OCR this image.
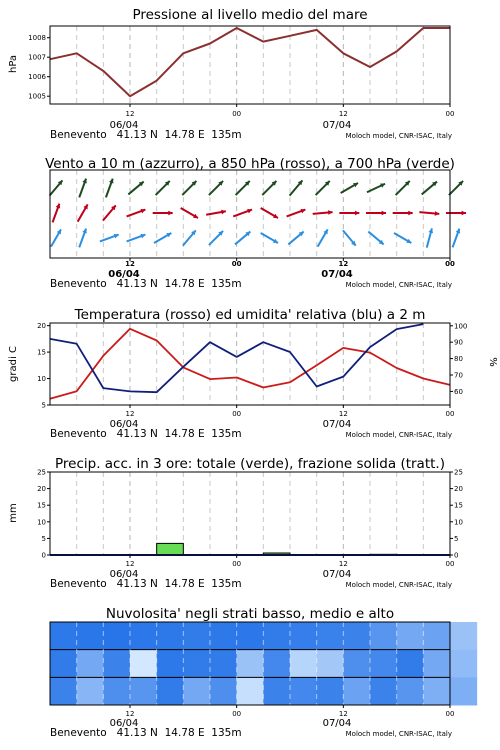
Pressione al livello medio del mare
hPa
1005
1006
1007
1008
12	00	12	00
06/04	07/04
Benevento   41.13 N  14.78 E  135m	Moloch model, CNR-ISAC, Italy
Vento a 10 m (azzurro), a 850 hPa (rosso), a 700 hPa (verde)
12	00	12	00
06/04	07/04
Benevento   41.13 N  14.78 E  135m	Moloch model, CNR-ISAC, Italy
Temperatura (rosso) ed umidita' relativa (blu) a 2 m
gradi C	%
5
10
15
20
60
70
80
90
100
12	00	12	00
06/04	07/04
Benevento   41.13 N  14.78 E  135m	Moloch model, CNR-ISAC, Italy
Precip. acc. in 3 ore: totale (verde), frazione solida (tratt.)
mm
0
5
10
15
20
25
0
5
10
15
20
25
12	00	12	00
06/04	07/04
Benevento   41.13 N  14.78 E  135m	Moloch model, CNR-ISAC, Italy
Nuvolosita' negli strati basso, medio e alto
12	00	12	00
06/04	07/04
Benevento   41.13 N  14.78 E  135m	Moloch model, CNR-ISAC, Italy
